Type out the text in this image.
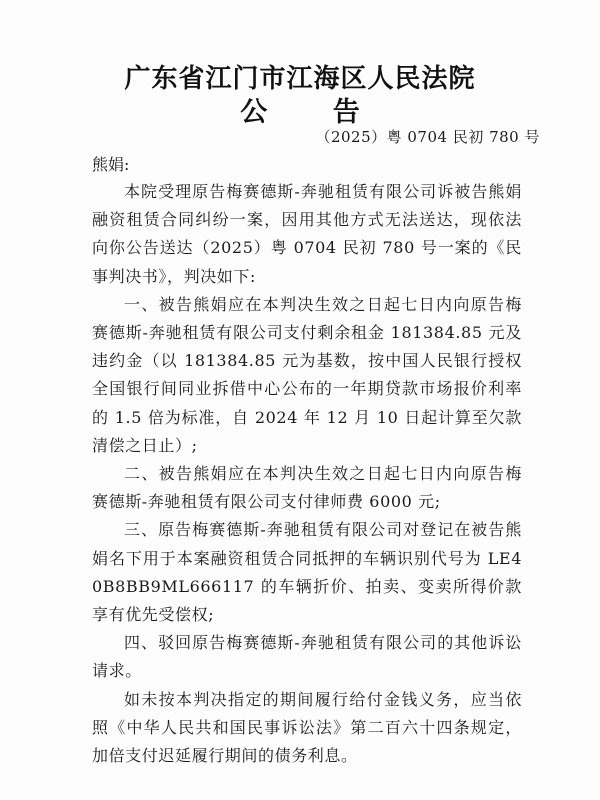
广东省江门市江海区人民法院
公 告
（2025）粤 0704 民初 780 号
熊娟:

本院受理原告梅赛德斯-奔驰租赁有限公司诉被告熊娟融资租赁合同纠纷一案，因用其他方式无法送达，现依法向你公告送达（2025）粤 0704 民初 780 号一案的《民事判决书》，判决如下:

一、被告熊娟应在本判决生效之日起七日内向原告梅赛德斯-奔驰租赁有限公司支付剩余租金 181384.85 元及违约金（以 181384.85 元为基数，按中国人民银行授权全国银行间同业拆借中心公布的一年期贷款市场报价利率的 1.5 倍为标准，自 2024 年 12 月 10 日起计算至欠款清偿之日止）;

二、被告熊娟应在本判决生效之日起七日内向原告梅赛德斯-奔驰租赁有限公司支付律师费 6000 元;

三、原告梅赛德斯-奔驰租赁有限公司对登记在被告熊娟名下用于本案融资租赁合同抵押的车辆识别代号为 LE40B8BB9ML666117 的车辆折价、拍卖、变卖所得价款享有优先受偿权;

四、驳回原告梅赛德斯-奔驰租赁有限公司的其他诉讼请求。

如未按本判决指定的期间履行给付金钱义务，应当依照《中华人民共和国民事诉讼法》第二百六十四条规定，加倍支付迟延履行期间的债务利息。
